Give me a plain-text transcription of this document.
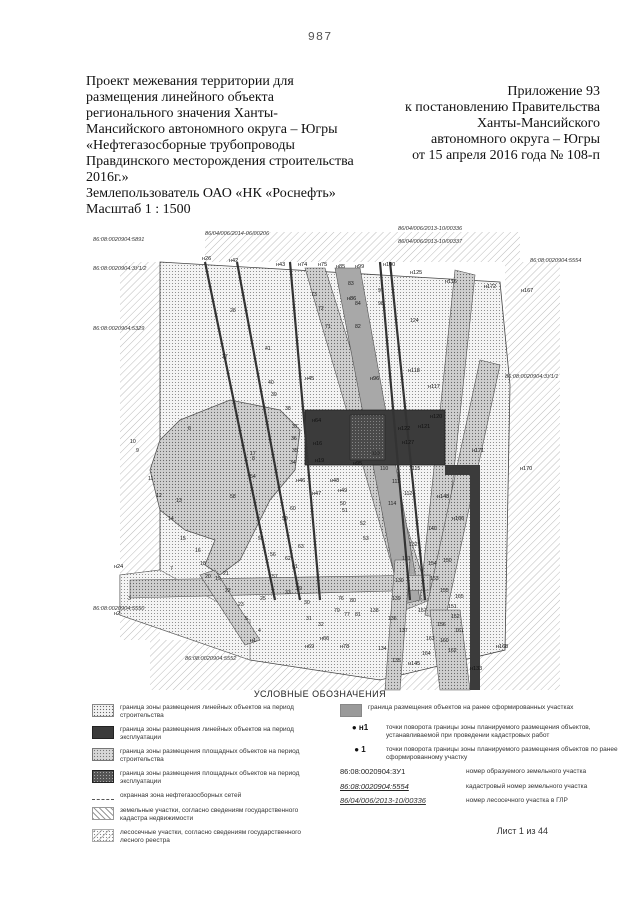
987
Проект межевания территории для
размещения линейного объекта
регионального значения Ханты-
Мансийского автономного округа – Югры
«Нефтегазосборные трубопроводы
Правдинского месторождения строительства
2016г.»
Землепользователь ОАО «НК «Роснефть»
Масштаб 1 : 1500
Приложение 93
к постановлению Правительства
Ханты-Мансийского
автономного округа – Югры
от 15 апреля 2016 года № 108-п
86/04/006/2014-06/00206
86/04/006/2013-10/00336
86/04/006/2013-10/00337
86:08:0020904:5891
86:08:0020904:3У1/2
86:08:0020904:5554
86:08:0020904:5329
86:08:0020904:3У1/1
86:08:0020904:5550
86:08:0020904:5552
н26	н42
н43 н74 н75 н85 н99	н100
н125
н116
н172
н167
н24
н2
н1
н69
н66
н78	н168
н170
н171
н166
н148
н133
н45
н64
н16
н19
н118
н117
н120
н121
н122
н127
н86
н96
н95
н46
н47
н48
н49
н145
28
27
41
40
39
38
37
36
35
34
10
11
12
13
14
15
16
17
18
19
20 21
22
23
3
4
5
6
7
8
9
73
72
71	82
83
84
97
98
124
110
111
112
113
114
115
130
131
132
140
150
151
152
153
154
155
156
157
160
161
162
163
164
165
134
135
136
137
138
139
50
51
52
53
54
55
56
57
58
59
60
61
62
63
77
76
79
80
81
25
29
30
31
32
33
УСЛОВНЫЕ ОБОЗНАЧЕНИЯ
граница зоны размещения линейных объектов на период строительства
граница зоны размещения линейных объектов на период эксплуатации
граница зоны размещения площадных объектов на период строительства
граница зоны размещения площадных объектов на период эксплуатации
охранная зона нефтегазосборных сетей
земельные участки, согласно сведениям государственного кадастра недвижимости
лесосечные участки, согласно сведениям государственного лесного реестра
граница размещения объектов на ранее сформированных участках
● н1	точки поворота границы зоны планируемого размещения объектов, устанавливаемой при проведении кадастровых работ
● 1	точки поворота границы зоны планируемого размещения объектов по ранее сформированному участку
86:08:0020904:3У1	номер образуемого земельного участка
86:08:0020904:5554	кадастровый номер земельного участка
86/04/006/2013-10/00336	номер лесосечного участка в ГЛР
Лист 1 из 44
